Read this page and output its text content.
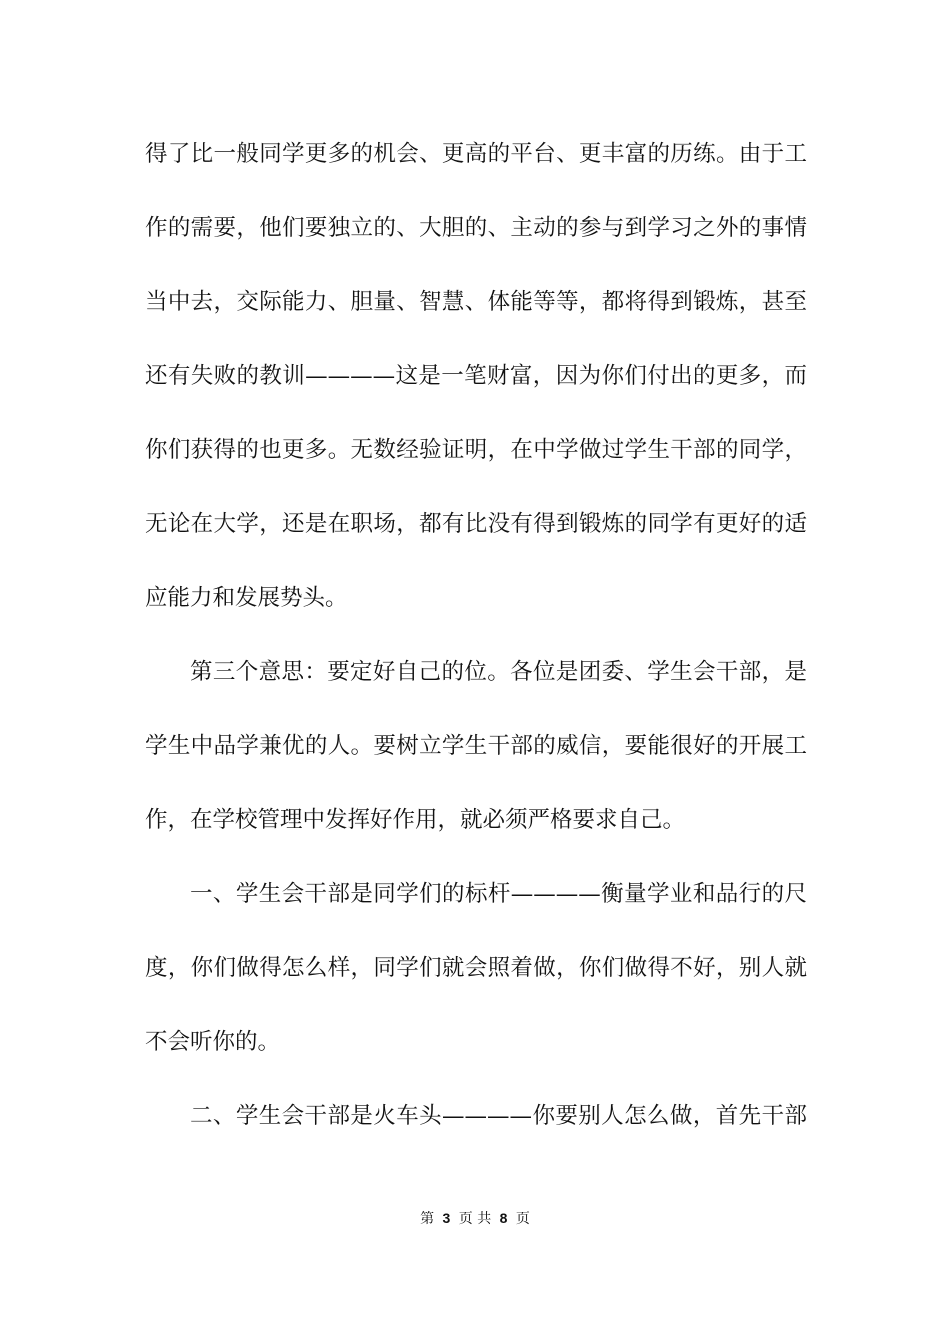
得了比一般同学更多的机会、更高的平台、更丰富的历练。由于工
作的需要，他们要独立的、大胆的、主动的参与到学习之外的事情
当中去，交际能力、胆量、智慧、体能等等，都将得到锻炼，甚至
还有失败的教训————这是一笔财富，因为你们付出的更多，而
你们获得的也更多。无数经验证明，在中学做过学生干部的同学，
无论在大学，还是在职场，都有比没有得到锻炼的同学有更好的适
应能力和发展势头。
第三个意思：要定好自己的位。各位是团委、学生会干部，是
学生中品学兼优的人。要树立学生干部的威信，要能很好的开展工
作，在学校管理中发挥好作用，就必须严格要求自己。
一、学生会干部是同学们的标杆————衡量学业和品行的尺
度，你们做得怎么样，同学们就会照着做，你们做得不好，别人就
不会听你的。
二、学生会干部是火车头————你要别人怎么做，首先干部
第 3 页 共 8 页
